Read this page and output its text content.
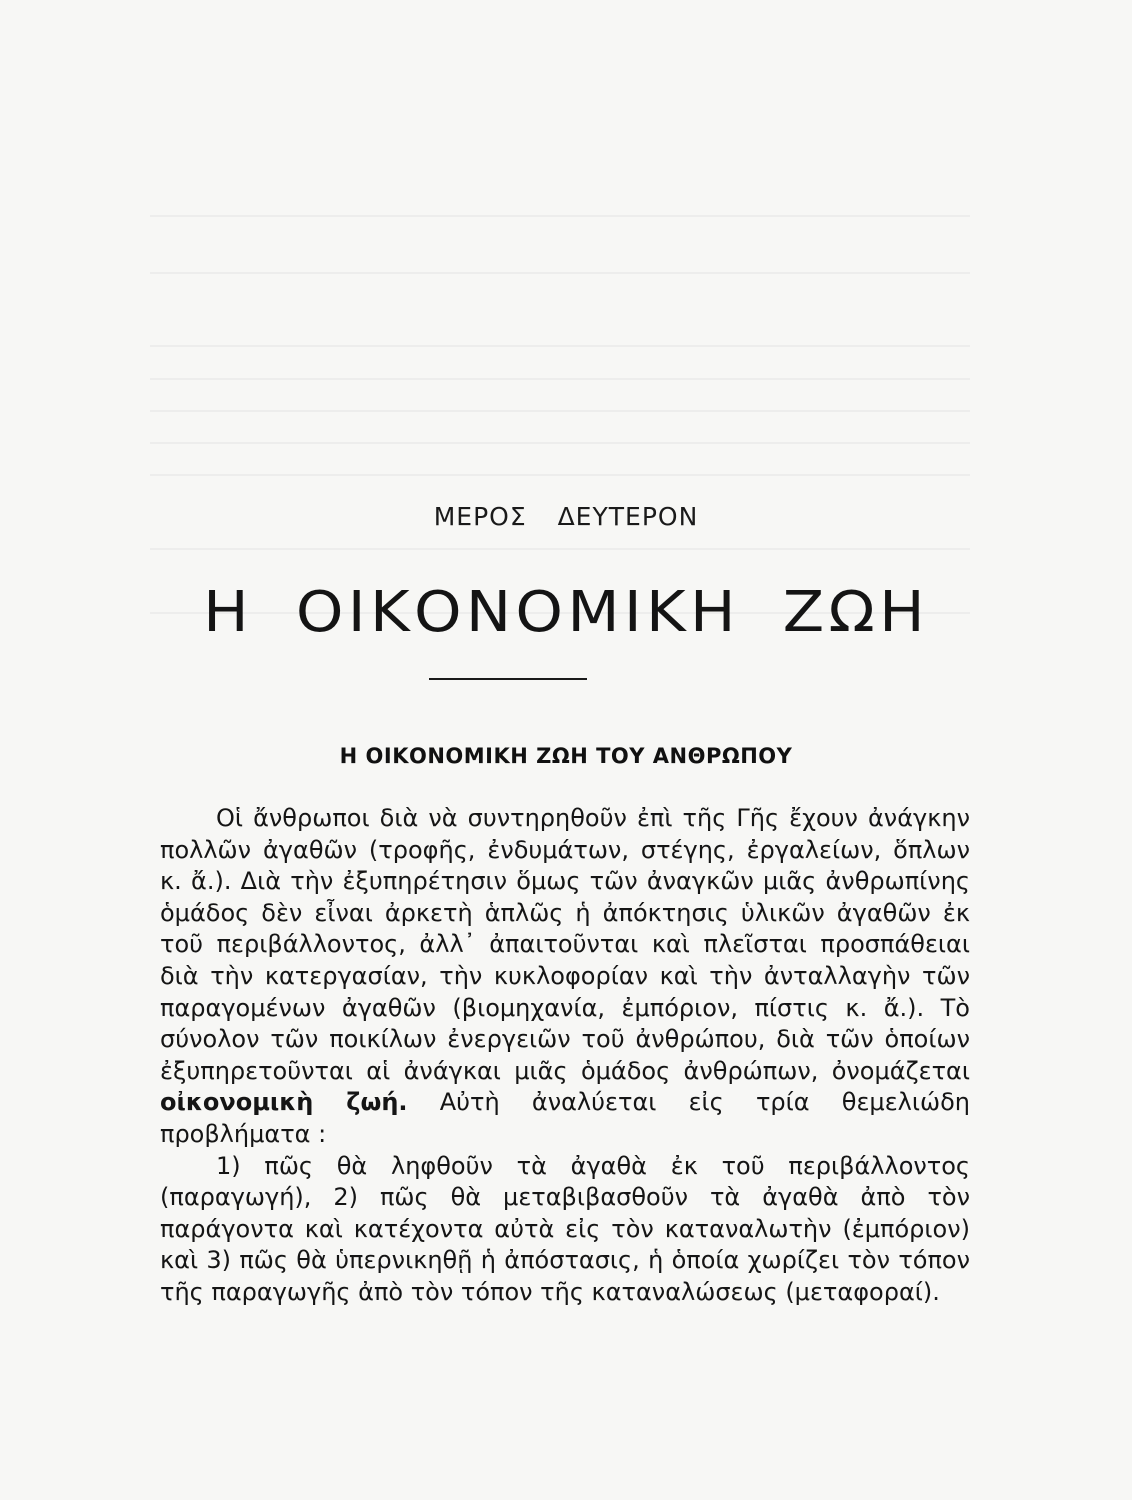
ΜΕΡΟΣ ΔΕΥΤΕΡΟΝ
Η ΟΙΚΟΝΟΜΙΚΗ ΖΩΗ
Η ΟΙΚΟΝΟΜΙΚΗ ΖΩΗ ΤΟΥ ΑΝΘΡΩΠΟΥ

Οἱ ἄνθρωποι διὰ νὰ συντηρηθοῦν ἐπὶ τῆς Γῆς ἔχουν ἀνάγκην πολλῶν ἀγαθῶν (τροφῆς, ἐνδυμάτων, στέγης, ἐργαλείων, ὅπλων κ. ἄ.). Διὰ τὴν ἐξυπηρέτησιν ὅμως τῶν ἀναγκῶν μιᾶς ἀνθρωπίνης ὁμάδος δὲν εἶναι ἀρκετὴ ἁπλῶς ἡ ἀπόκτησις ὑλικῶν ἀγαθῶν ἐκ τοῦ περιβάλλοντος, ἀλλ᾽ ἀπαιτοῦνται καὶ πλεῖσται προσπάθειαι διὰ τὴν κατεργασίαν, τὴν κυκλοφορίαν καὶ τὴν ἀνταλλαγὴν τῶν παραγομένων ἀγαθῶν (βιομηχανία, ἐμπόριον, πίστις κ. ἄ.). Τὸ σύνολον τῶν ποικίλων ἐνεργειῶν τοῦ ἀνθρώπου, διὰ τῶν ὁποίων ἐξυπηρετοῦνται αἱ ἀνάγκαι μιᾶς ὁμάδος ἀνθρώπων, ὀνομάζεται οἰκονομικὴ ζωή. Αὐτὴ ἀναλύεται εἰς τρία θεμελιώδη προβλήματα :

1) πῶς θὰ ληφθοῦν τὰ ἀγαθὰ ἐκ τοῦ περιβάλλοντος (παραγωγή), 2) πῶς θὰ μεταβιβασθοῦν τὰ ἀγαθὰ ἀπὸ τὸν παράγοντα καὶ κατέχοντα αὐτὰ εἰς τὸν καταναλωτὴν (ἐμπόριον) καὶ 3) πῶς θὰ ὑπερνικηθῇ ἡ ἀπόστασις, ἡ ὁποία χωρίζει τὸν τόπον τῆς παραγωγῆς ἀπὸ τὸν τόπον τῆς καταναλώσεως (μεταφοραί).
